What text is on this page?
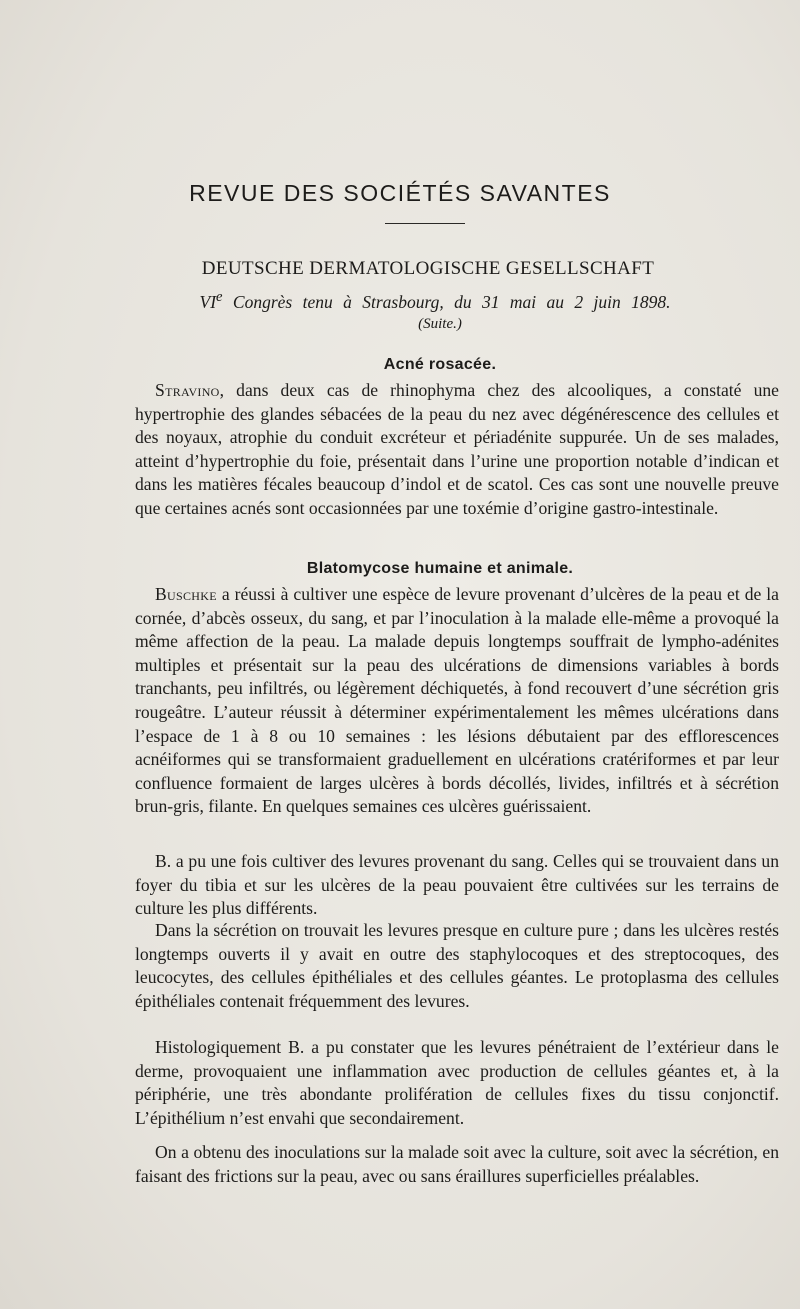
REVUE DES SOCIÉTÉS SAVANTES
DEUTSCHE DERMATOLOGISCHE GESELLSCHAFT
VIe Congrès tenu à Strasbourg, du 31 mai au 2 juin 1898.
(Suite.)
Acné rosacée.

Stravino, dans deux cas de rhinophyma chez des alcooliques, a constaté une hypertrophie des glandes sébacées de la peau du nez avec dégénérescence des cellules et des noyaux, atrophie du conduit excréteur et périadénite suppurée. Un de ses malades, atteint d’hypertrophie du foie, présentait dans l’urine une proportion notable d’indican et dans les matières fécales beaucoup d’indol et de scatol. Ces cas sont une nouvelle preuve que certaines acnés sont occasionnées par une toxémie d’origine gastro-intestinale.

Blatomycose humaine et animale.

Buschke a réussi à cultiver une espèce de levure provenant d’ulcères de la peau et de la cornée, d’abcès osseux, du sang, et par l’inoculation à la malade elle-même a provoqué la même affection de la peau. La malade depuis longtemps souffrait de lympho-adénites multiples et présentait sur la peau des ulcérations de dimensions variables à bords tranchants, peu infiltrés, ou légèrement déchiquetés, à fond recouvert d’une sécrétion gris rougeâtre. L’auteur réussit à déterminer expérimentalement les mêmes ulcérations dans l’espace de 1 à 8 ou 10 semaines : les lésions débutaient par des efflorescences acnéiformes qui se transformaient graduellement en ulcérations cratériformes et par leur confluence formaient de larges ulcères à bords décollés, livides, infiltrés et à sécrétion brun-gris, filante. En quelques semaines ces ulcères guérissaient.

B. a pu une fois cultiver des levures provenant du sang. Celles qui se trouvaient dans un foyer du tibia et sur les ulcères de la peau pouvaient être cultivées sur les terrains de culture les plus différents.

Dans la sécrétion on trouvait les levures presque en culture pure ; dans les ulcères restés longtemps ouverts il y avait en outre des staphylocoques et des streptocoques, des leucocytes, des cellules épithéliales et des cellules géantes. Le protoplasma des cellules épithéliales contenait fréquemment des levures.

Histologiquement B. a pu constater que les levures pénétraient de l’extérieur dans le derme, provoquaient une inflammation avec production de cellules géantes et, à la périphérie, une très abondante prolifération de cellules fixes du tissu conjonctif. L’épithélium n’est envahi que secondairement.

On a obtenu des inoculations sur la malade soit avec la culture, soit avec la sécrétion, en faisant des frictions sur la peau, avec ou sans éraillures superficielles préalables.
